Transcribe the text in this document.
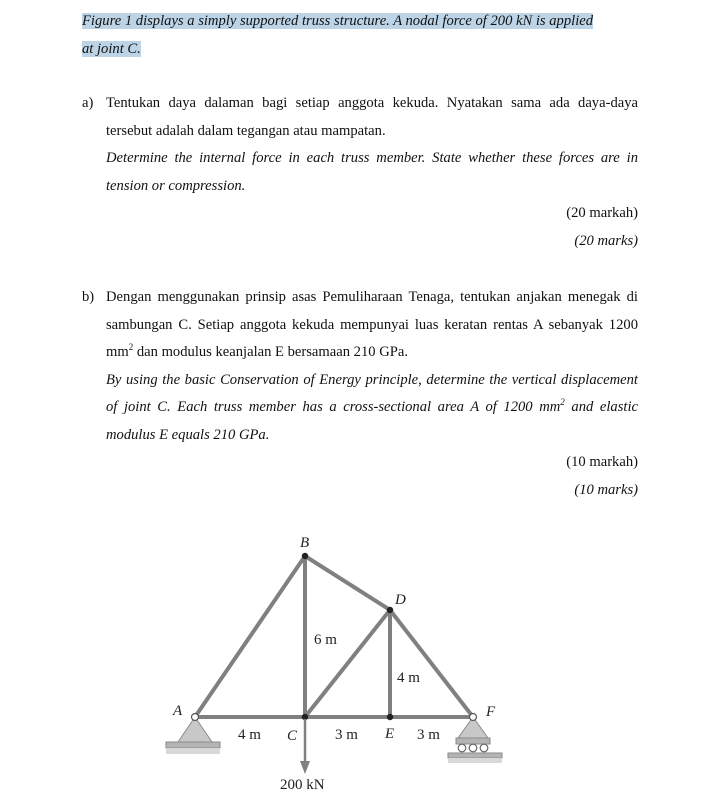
Figure 1 displays a simply supported truss structure. A nodal force of 200 kN is applied
at joint C.
a) Tentukan daya dalaman bagi setiap anggota kekuda. Nyatakan sama ada daya-daya tersebut adalah dalam tegangan atau mampatan.

Determine the internal force in each truss member. State whether these forces are in tension or compression.

(20 markah)
(20 marks)
b) Dengan menggunakan prinsip asas Pemuliharaan Tenaga, tentukan anjakan menegak di sambungan C. Setiap anggota kekuda mempunyai luas keratan rentas A sebanyak 1200 $mm^2$ dan modulus keanjalan E bersamaan 210 GPa.

By using the basic Conservation of Energy principle, determine the vertical displacement of joint C. Each truss member has a cross-sectional area A of 1200 $mm^2$ and elastic modulus E equals 210 GPa.

(10 markah)
(10 marks)
B
D
A	F
C	E
4 m	3 m	3 m
6 m
4 m
200 kN
